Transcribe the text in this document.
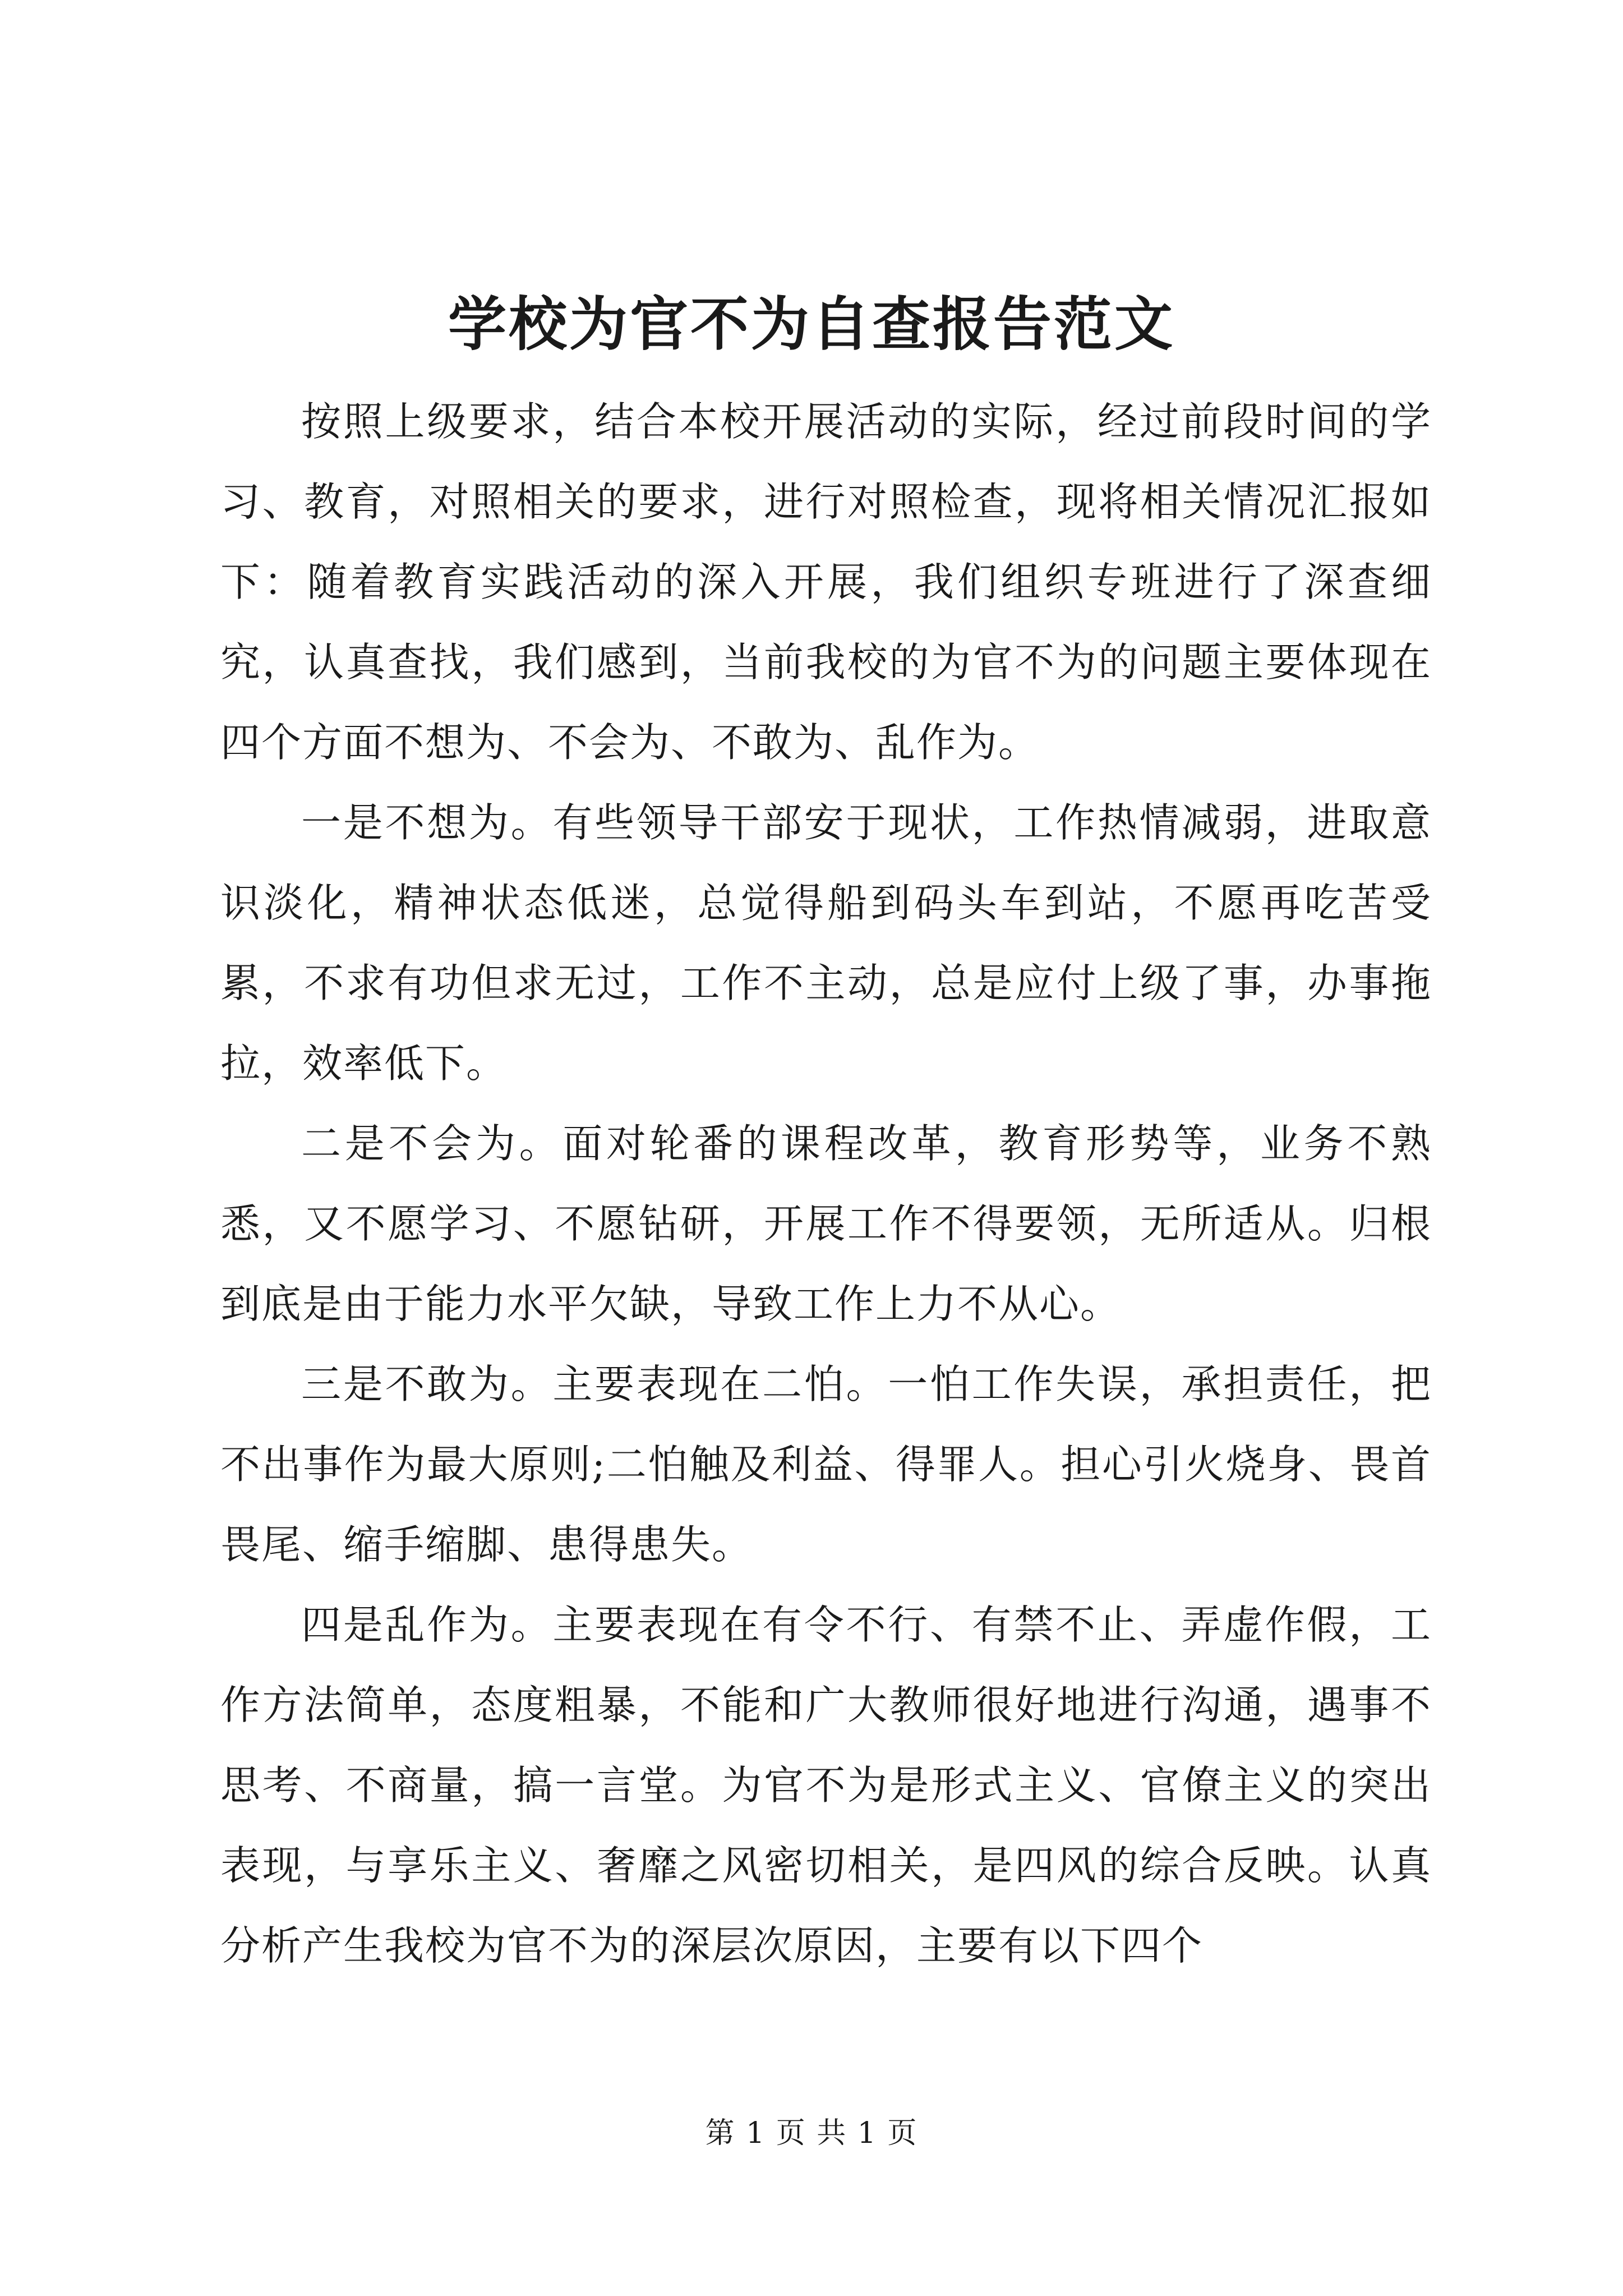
学校为官不为自查报告范文

按照上级要求，结合本校开展活动的实际，经过前段时间的学习、教育，对照相关的要求，进行对照检查，现将相关情况汇报如下：随着教育实践活动的深入开展，我们组织专班进行了深查细究，认真查找，我们感到，当前我校的为官不为的问题主要体现在四个方面不想为、不会为、不敢为、乱作为。

一是不想为。有些领导干部安于现状，工作热情减弱，进取意识淡化，精神状态低迷，总觉得船到码头车到站，不愿再吃苦受累，不求有功但求无过，工作不主动，总是应付上级了事，办事拖拉，效率低下。

二是不会为。面对轮番的课程改革，教育形势等，业务不熟悉，又不愿学习、不愿钻研，开展工作不得要领，无所适从。归根到底是由于能力水平欠缺，导致工作上力不从心。

三是不敢为。主要表现在二怕。一怕工作失误，承担责任，把不出事作为最大原则;二怕触及利益、得罪人。担心引火烧身、畏首畏尾、缩手缩脚、患得患失。

四是乱作为。主要表现在有令不行、有禁不止、弄虚作假，工作方法简单，态度粗暴，不能和广大教师很好地进行沟通，遇事不思考、不商量，搞一言堂。为官不为是形式主义、官僚主义的突出表现，与享乐主义、奢靡之风密切相关，是四风的综合反映。认真分析产生我校为官不为的深层次原因，主要有以下四个

第 1 页 共 1 页
